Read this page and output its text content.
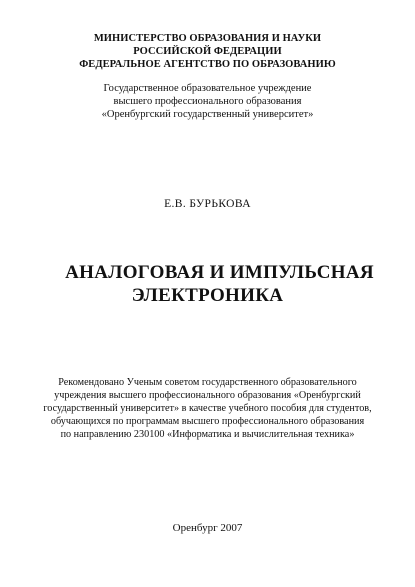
МИНИСТЕРСТВО ОБРАЗОВАНИЯ И НАУКИ
РОССИЙСКОЙ ФЕДЕРАЦИИ
ФЕДЕРАЛЬНОЕ АГЕНТСТВО ПО ОБРАЗОВАНИЮ
Государственное образовательное учреждение
высшего профессионального образования
«Оренбургский государственный университет»
Е.В. БУРЬКОВА
АНАЛОГОВАЯ И ИМПУЛЬСНАЯ
ЭЛЕКТРОНИКА
Рекомендовано Ученым советом государственного образовательного
учреждения высшего профессионального образования «Оренбургский
государственный университет» в качестве учебного пособия для студентов,
обучающихся по программам высшего профессионального образования
по направлению 230100 «Информатика и вычислительная техника»
Оренбург 2007
